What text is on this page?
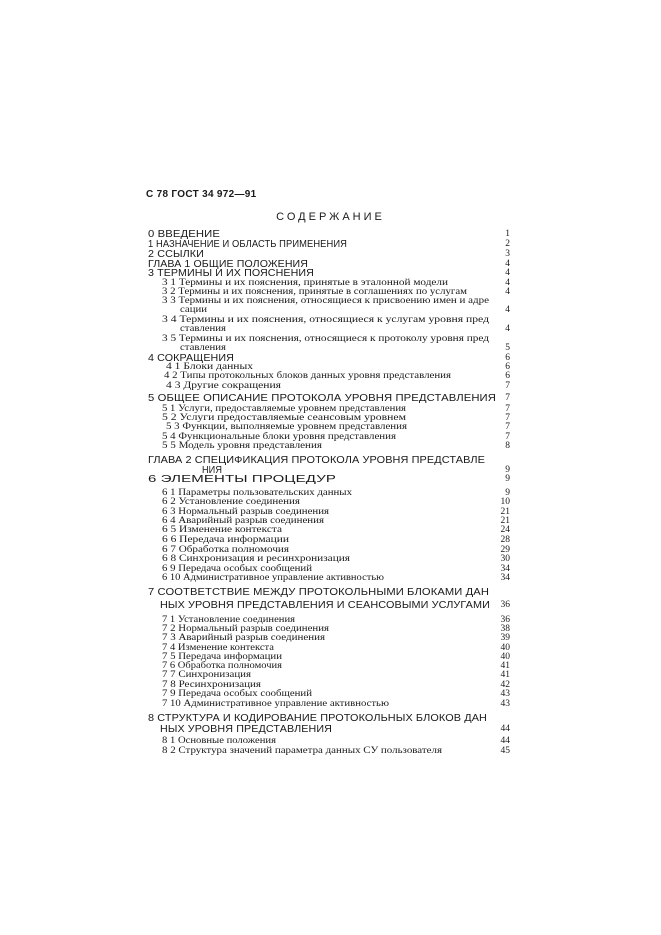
С 78 ГОСТ 34 972—91
СОДЕРЖАНИЕ
0 ВВЕДЕНИЕ	1
1 НАЗНАЧЕНИЕ И ОБЛАСТЬ ПРИМЕНЕНИЯ	2
2 ССЫЛКИ	3
ГЛАВА 1 ОБЩИЕ ПОЛОЖЕНИЯ	4
3 ТЕРМИНЫ И ИХ ПОЯСНЕНИЯ	4
3 1 Термины и их пояснения, принятые в эталонной модели	4
3 2 Термины и их пояснения, принятые в соглашениях по услугам	4
3 3 Термины и их пояснения, относящиеся к присвоению имен и адре
сации	4
3 4 Термины и их пояснения, относящиеся к услугам уровня пред
ставления	4
3 5 Термины и их пояснения, относящиеся к протоколу уровня пред
ставления	5
4 СОКРАЩЕНИЯ	6
4 1 Блоки данных	6
4 2 Типы протокольных блоков данных уровня представления	6
4 3 Другие сокращения	7
5 ОБЩЕЕ ОПИСАНИЕ ПРОТОКОЛА УРОВНЯ ПРЕДСТАВЛЕНИЯ 7
5 1 Услуги, предоставляемые уровнем представления	7
5 2 Услуги предоставляемые сеансовым уровнем	7
5 3 Функции, выполняемые уровнем представления	7
5 4 Функциональные блоки уровня представления	7
5 5 Модель уровня представления	8
ГЛАВА 2 СПЕЦИФИКАЦИЯ ПРОТОКОЛА УРОВНЯ ПРЕДСТАВЛЕ
НИЯ	9
6 ЭЛЕМЕНТЫ ПРОЦЕДУР	9
6 1 Параметры пользовательских данных	9
6 2 Установление соединения	10
6 3 Нормальный разрыв соединения	21
6 4 Аварийный разрыв соединения	21
6 5 Изменение контекста	24
6 6 Передача информации	28
6 7 Обработка полномочия	29
6 8 Синхронизация и ресинхронизация	30
6 9 Передача особых сообщений	34
6 10 Административное управление активностью	34
7 СООТВЕТСТВИЕ МЕЖДУ ПРОТОКОЛЬНЫМИ БЛОКАМИ ДАН
НЫХ УРОВНЯ ПРЕДСТАВЛЕНИЯ И СЕАНСОВЫМИ УСЛУГАМИ 36
7 1 Установление соединения	36
7 2 Нормальный разрыв соединения	38
7 3 Аварийный разрыв соединения	39
7 4 Изменение контекста	40
7 5 Передача информации	40
7 6 Обработка полномочия	41
7 7 Синхронизация	41
7 8 Ресинхронизация	42
7 9 Передача особых сообщений	43
7 10 Административное управление активностью	43
8 СТРУКТУРА И КОДИРОВАНИЕ ПРОТОКОЛЬНЫХ БЛОКОВ ДАН
НЫХ УРОВНЯ ПРЕДСТАВЛЕНИЯ	44
8 1 Основные положения	44
8 2 Структура значений параметра данных СУ пользователя	45
